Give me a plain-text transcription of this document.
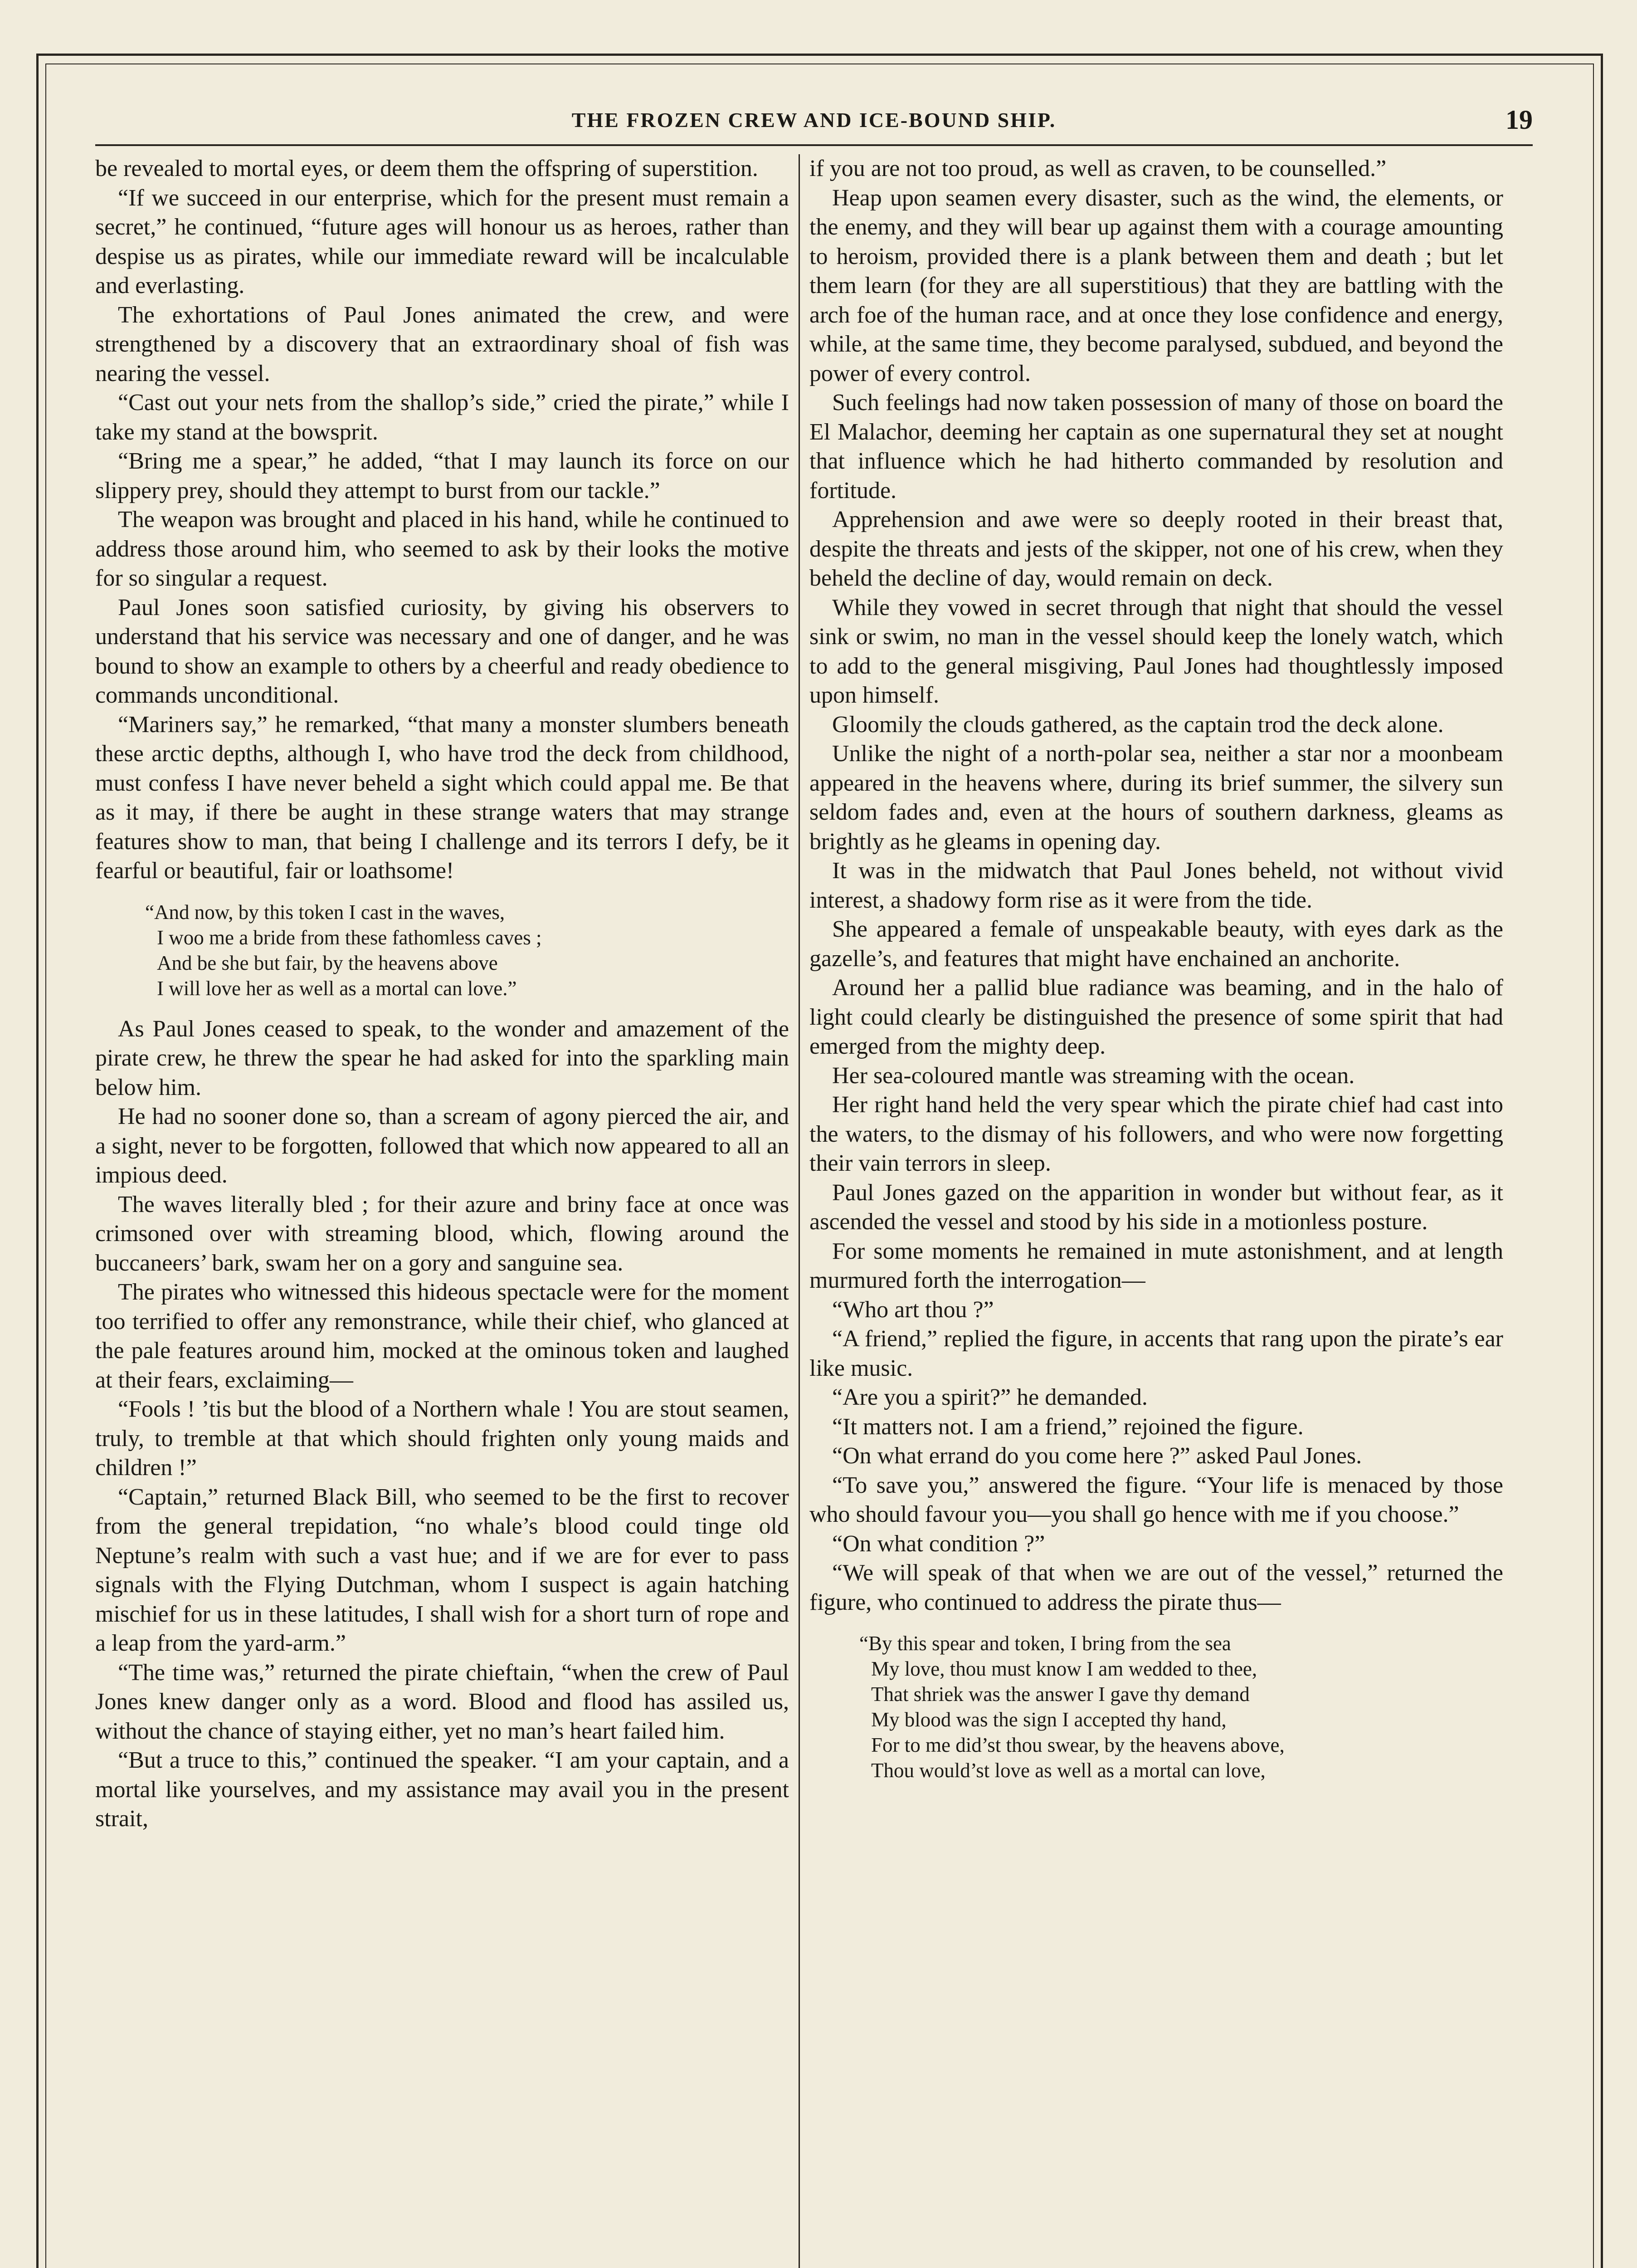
THE FROZEN CREW AND ICE-BOUND SHIP.	19

be revealed to mortal eyes, or deem them the offspring of superstition.

“If we succeed in our enterprise, which for the present must remain a secret,” he continued, “future ages will honour us as heroes, rather than despise us as pirates, while our immediate reward will be incalculable and everlasting.

The exhortations of Paul Jones animated the crew, and were strengthened by a discovery that an extraordinary shoal of fish was nearing the vessel.

“Cast out your nets from the shallop’s side,” cried the pirate,” while I take my stand at the bowsprit.

“Bring me a spear,” he added, “that I may launch its force on our slippery prey, should they attempt to burst from our tackle.”

The weapon was brought and placed in his hand, while he continued to address those around him, who seemed to ask by their looks the motive for so singular a request.

Paul Jones soon satisfied curiosity, by giving his observers to understand that his service was necessary and one of danger, and he was bound to show an example to others by a cheerful and ready obedience to commands unconditional.

“Mariners say,” he remarked, “that many a monster slumbers beneath these arctic depths, although I, who have trod the deck from childhood, must confess I have never beheld a sight which could appal me. Be that as it may, if there be aught in these strange waters that may strange features show to man, that being I challenge and its terrors I defy, be it fearful or beautiful, fair or loathsome!

“And now, by this token I cast in the waves,
I woo me a bride from these fathomless caves ;
And be she but fair, by the heavens above
I will love her as well as a mortal can love.”

As Paul Jones ceased to speak, to the wonder and amazement of the pirate crew, he threw the spear he had asked for into the sparkling main below him.

He had no sooner done so, than a scream of agony pierced the air, and a sight, never to be forgotten, followed that which now appeared to all an impious deed.

The waves literally bled ; for their azure and briny face at once was crimsoned over with streaming blood, which, flowing around the buccaneers’ bark, swam her on a gory and sanguine sea.

The pirates who witnessed this hideous spectacle were for the moment too terrified to offer any remonstrance, while their chief, who glanced at the pale features around him, mocked at the ominous token and laughed at their fears, exclaiming—

“Fools ! ’tis but the blood of a Northern whale ! You are stout seamen, truly, to tremble at that which should frighten only young maids and children !”

“Captain,” returned Black Bill, who seemed to be the first to recover from the general trepidation, “no whale’s blood could tinge old Neptune’s realm with such a vast hue; and if we are for ever to pass signals with the Flying Dutchman, whom I suspect is again hatching mischief for us in these latitudes, I shall wish for a short turn of rope and a leap from the yard-arm.”

“The time was,” returned the pirate chieftain, “when the crew of Paul Jones knew danger only as a word. Blood and flood has assiled us, without the chance of staying either, yet no man’s heart failed him.

“But a truce to this,” continued the speaker. “I am your captain, and a mortal like yourselves, and my assistance may avail you in the present strait,

if you are not too proud, as well as craven, to be counselled.”

Heap upon seamen every disaster, such as the wind, the elements, or the enemy, and they will bear up against them with a courage amounting to heroism, provided there is a plank between them and death ; but let them learn (for they are all superstitious) that they are battling with the arch foe of the human race, and at once they lose confidence and energy, while, at the same time, they become paralysed, subdued, and beyond the power of every control.

Such feelings had now taken possession of many of those on board the El Malachor, deeming her captain as one supernatural they set at nought that influence which he had hitherto commanded by resolution and fortitude.

Apprehension and awe were so deeply rooted in their breast that, despite the threats and jests of the skipper, not one of his crew, when they beheld the decline of day, would remain on deck.

While they vowed in secret through that night that should the vessel sink or swim, no man in the vessel should keep the lonely watch, which to add to the general misgiving, Paul Jones had thoughtlessly imposed upon himself.

Gloomily the clouds gathered, as the captain trod the deck alone.

Unlike the night of a north-polar sea, neither a star nor a moonbeam appeared in the heavens where, during its brief summer, the silvery sun seldom fades and, even at the hours of southern darkness, gleams as brightly as he gleams in opening day.

It was in the midwatch that Paul Jones beheld, not without vivid interest, a shadowy form rise as it were from the tide.

She appeared a female of unspeakable beauty, with eyes dark as the gazelle’s, and features that might have enchained an anchorite.

Around her a pallid blue radiance was beaming, and in the halo of light could clearly be distinguished the presence of some spirit that had emerged from the mighty deep.

Her sea-coloured mantle was streaming with the ocean.

Her right hand held the very spear which the pirate chief had cast into the waters, to the dismay of his followers, and who were now forgetting their vain terrors in sleep.

Paul Jones gazed on the apparition in wonder but without fear, as it ascended the vessel and stood by his side in a motionless posture.

For some moments he remained in mute astonishment, and at length murmured forth the interrogation—

“Who art thou ?”

“A friend,” replied the figure, in accents that rang upon the pirate’s ear like music.

“Are you a spirit?” he demanded.

“It matters not. I am a friend,” rejoined the figure.

“On what errand do you come here ?” asked Paul Jones.

“To save you,” answered the figure. “Your life is menaced by those who should favour you—you shall go hence with me if you choose.”

“On what condition ?”

“We will speak of that when we are out of the vessel,” returned the figure, who continued to address the pirate thus—

“By this spear and token, I bring from the sea
My love, thou must know I am wedded to thee,
That shriek was the answer I gave thy demand
My blood was the sign I accepted thy hand,
For to me did’st thou swear, by the heavens above,
Thou would’st love as well as a mortal can love,
